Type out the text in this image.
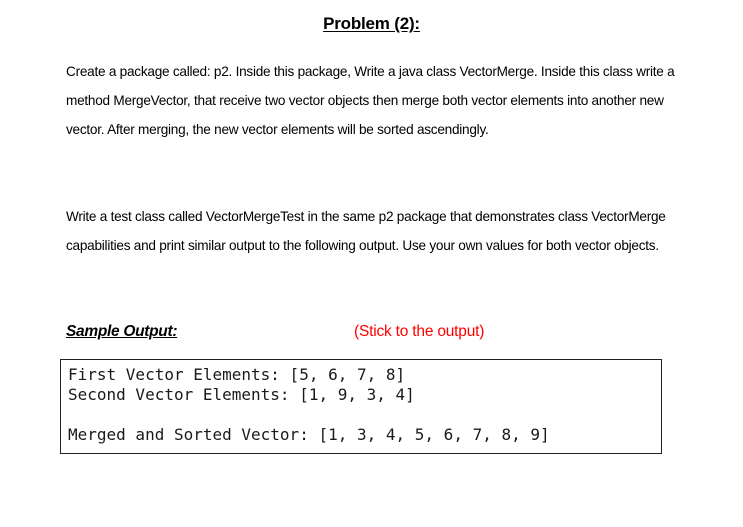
Problem (2):

Create a package called: p2. Inside this package, Write a java class VectorMerge. Inside this class write a method MergeVector, that receive two vector objects then merge both vector elements into another new vector. After merging, the new vector elements will be sorted ascendingly.

Write a test class called VectorMergeTest in the same p2 package that demonstrates class VectorMerge capabilities and print similar output to the following output. Use your own values for both vector objects.

Sample Output:	(Stick to the output)
First Vector Elements: [5, 6, 7, 8]
Second Vector Elements: [1, 9, 3, 4]
Merged and Sorted Vector: [1, 3, 4, 5, 6, 7, 8, 9]
